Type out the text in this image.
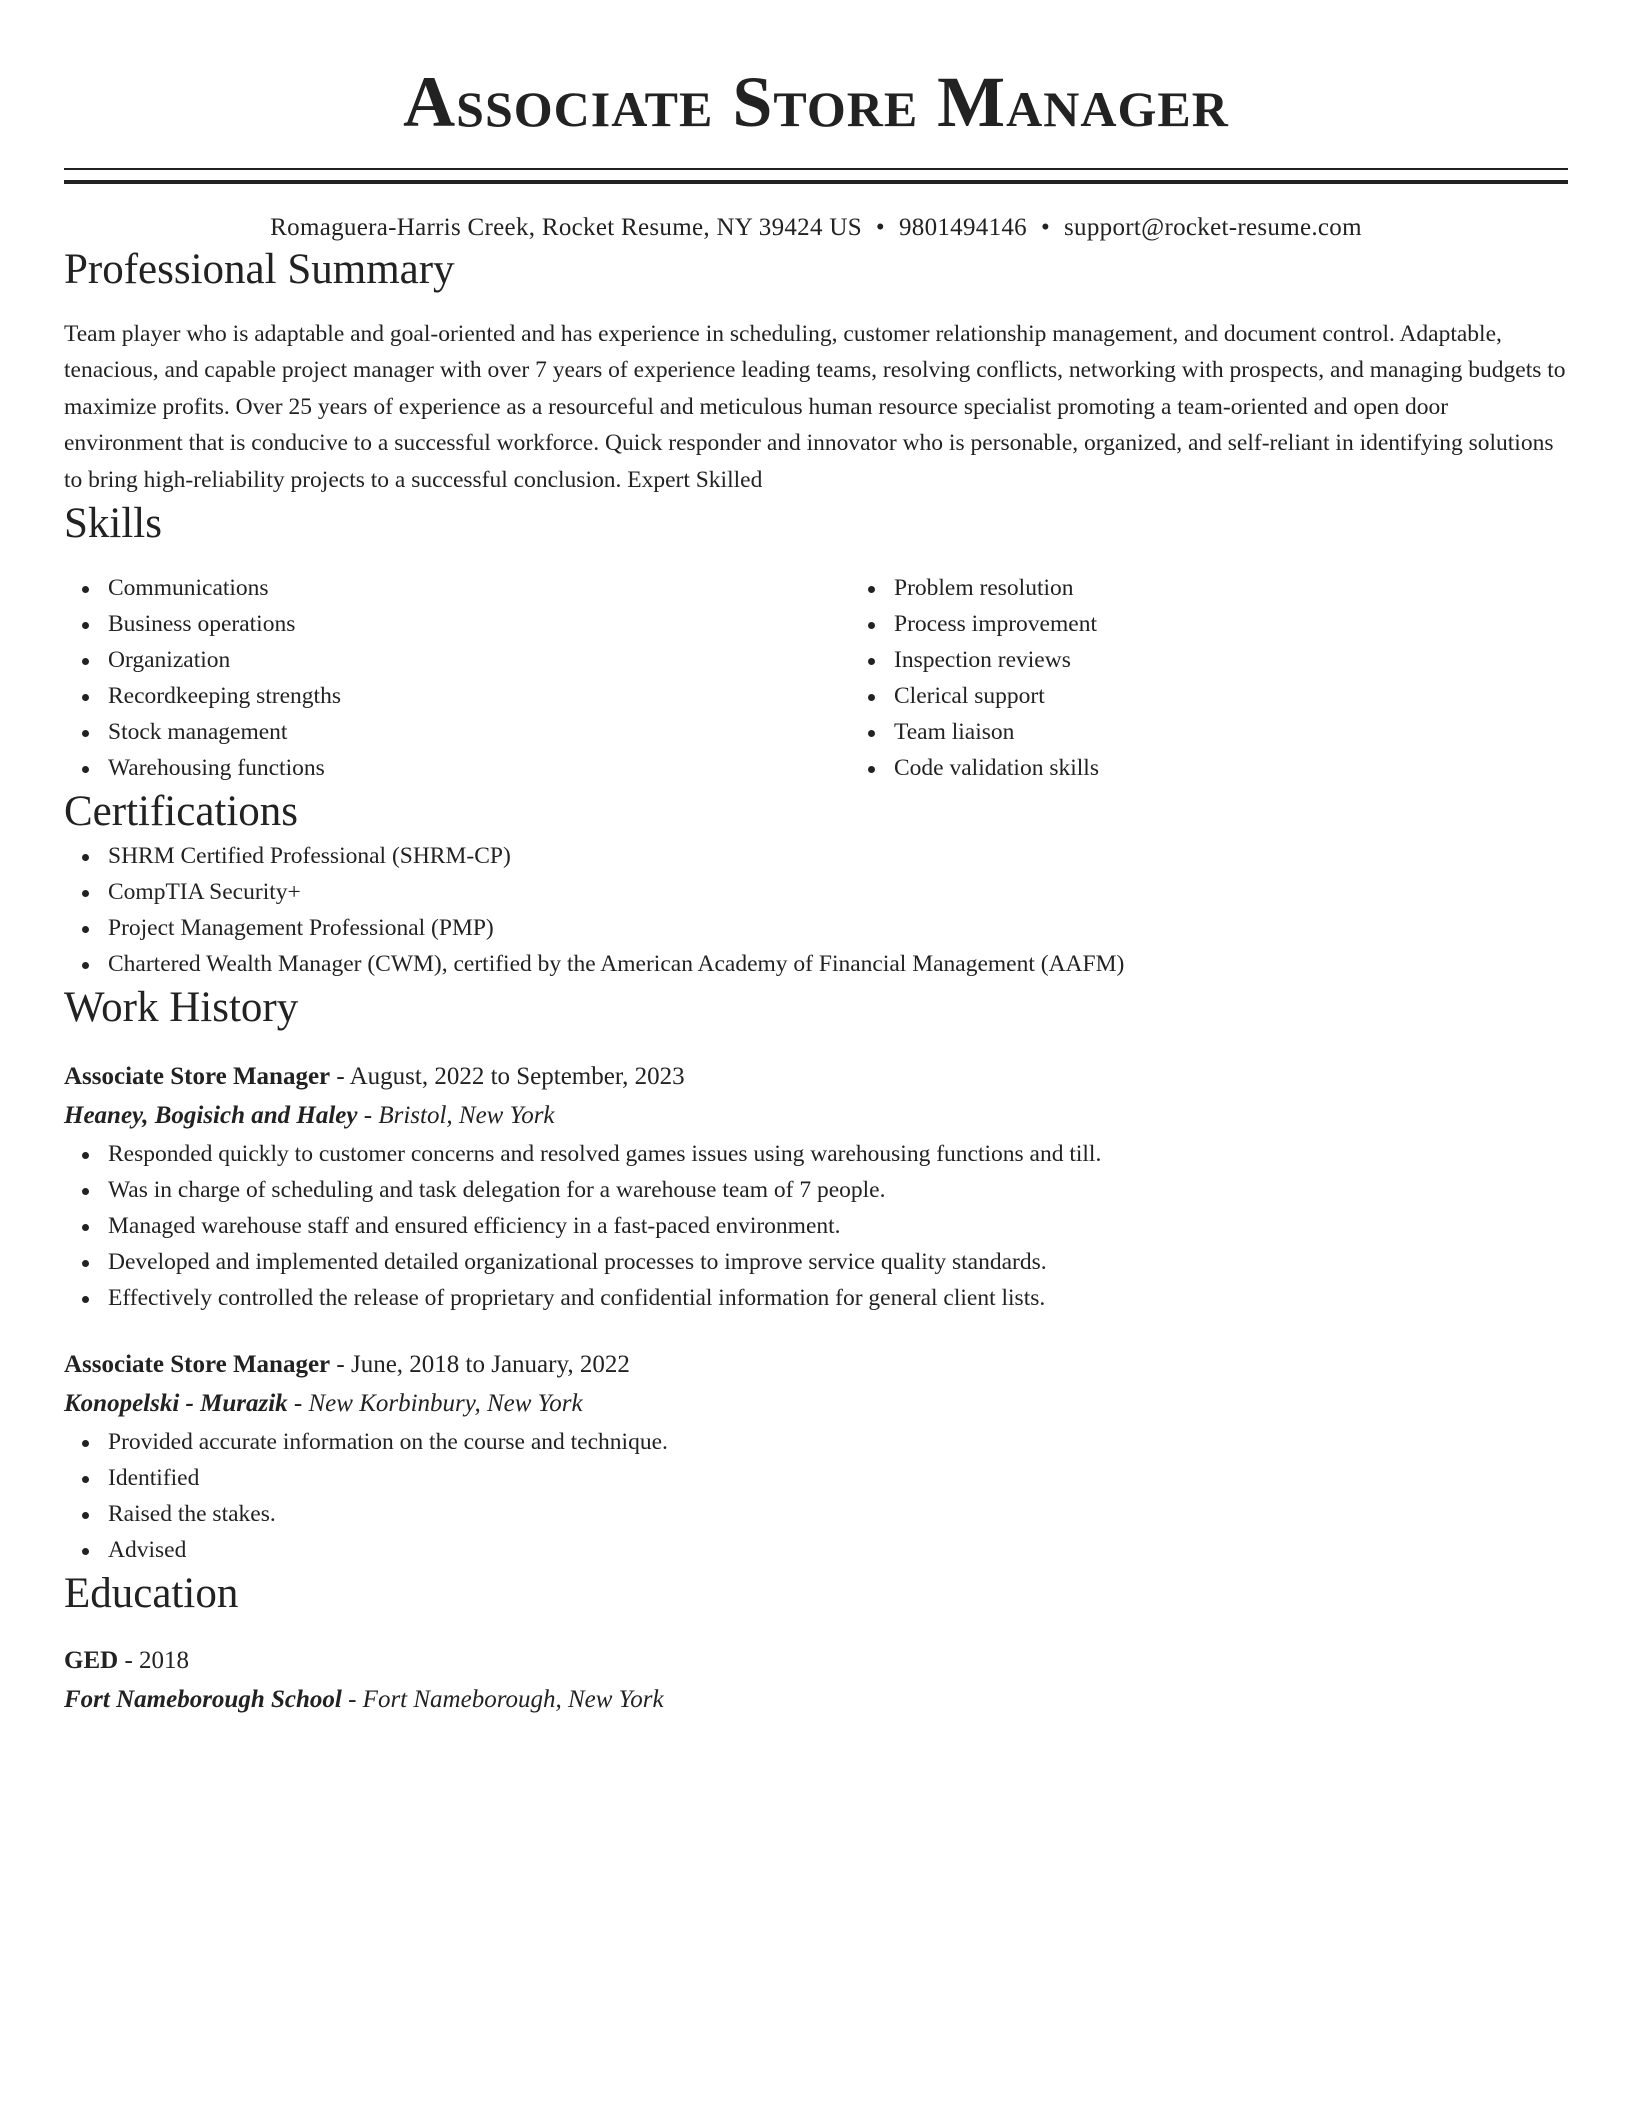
Associate Store Manager
Romaguera-Harris Creek, Rocket Resume, NY 39424 US • 9801494146 • support@rocket-resume.com
Professional Summary

Team player who is adaptable and goal-oriented and has experience in scheduling, customer relationship management, and document control. Adaptable, tenacious, and capable project manager with over 7 years of experience leading teams, resolving conflicts, networking with prospects, and managing budgets to maximize profits. Over 25 years of experience as a resourceful and meticulous human resource specialist promoting a team-oriented and open door environment that is conducive to a successful workforce. Quick responder and innovator who is personable, organized, and self-reliant in identifying solutions to bring high-reliability projects to a successful conclusion. Expert Skilled

Skills
Communications
Business operations
Organization
Recordkeeping strengths
Stock management
Warehousing functions
Problem resolution
Process improvement
Inspection reviews
Clerical support
Team liaison
Code validation skills
Certifications
SHRM Certified Professional (SHRM-CP)
CompTIA Security+
Project Management Professional (PMP)
Chartered Wealth Manager (CWM), certified by the American Academy of Financial Management (AAFM)
Work History
Associate Store Manager - August, 2022 to September, 2023
Heaney, Bogisich and Haley - Bristol, New York
Responded quickly to customer concerns and resolved games issues using warehousing functions and till.
Was in charge of scheduling and task delegation for a warehouse team of 7 people.
Managed warehouse staff and ensured efficiency in a fast-paced environment.
Developed and implemented detailed organizational processes to improve service quality standards.
Effectively controlled the release of proprietary and confidential information for general client lists.
Associate Store Manager - June, 2018 to January, 2022
Konopelski - Murazik - New Korbinbury, New York
Provided accurate information on the course and technique.
Identified
Raised the stakes.
Advised
Education
GED - 2018
Fort Nameborough School - Fort Nameborough, New York
